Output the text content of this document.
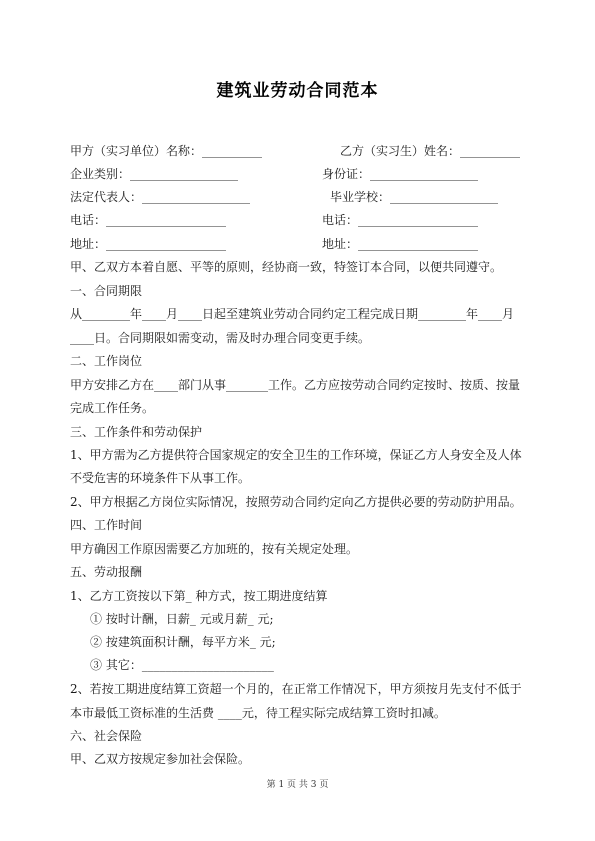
建筑业劳动合同范本
甲方（实习单位）名称：__________	乙方（实习生）姓名：__________
企业类别：__________________	身份证：__________________
法定代表人：__________________	毕业学校：__________________
电话：____________________	电话：____________________
地址：____________________	地址：____________________
甲、乙双方本着自愿、平等的原则，经协商一致，特签订本合同，以便共同遵守。
一、合同期限
从________年____月____日起至建筑业劳动合同约定工程完成日期________年____月
____日。合同期限如需变动，需及时办理合同变更手续。
二、工作岗位
甲方安排乙方在____部门从事_______工作。乙方应按劳动合同约定按时、按质、按量
完成工作任务。
三、工作条件和劳动保护
1、甲方需为乙方提供符合国家规定的安全卫生的工作环境，保证乙方人身安全及人体
不受危害的环境条件下从事工作。
2、甲方根据乙方岗位实际情况，按照劳动合同约定向乙方提供必要的劳动防护用品。
四、工作时间
甲方确因工作原因需要乙方加班的，按有关规定处理。
五、劳动报酬
1、乙方工资按以下第_ 种方式，按工期进度结算
① 按时计酬，日薪_ 元或月薪_ 元;
② 按建筑面积计酬，每平方米_ 元;
③ 其它：______________________
2、若按工期进度结算工资超一个月的，在正常工作情况下，甲方须按月先支付不低于
本市最低工资标准的生活费 ____元，待工程实际完成结算工资时扣减。
六、社会保险
甲、乙双方按规定参加社会保险。
第 1 页 共 3 页
